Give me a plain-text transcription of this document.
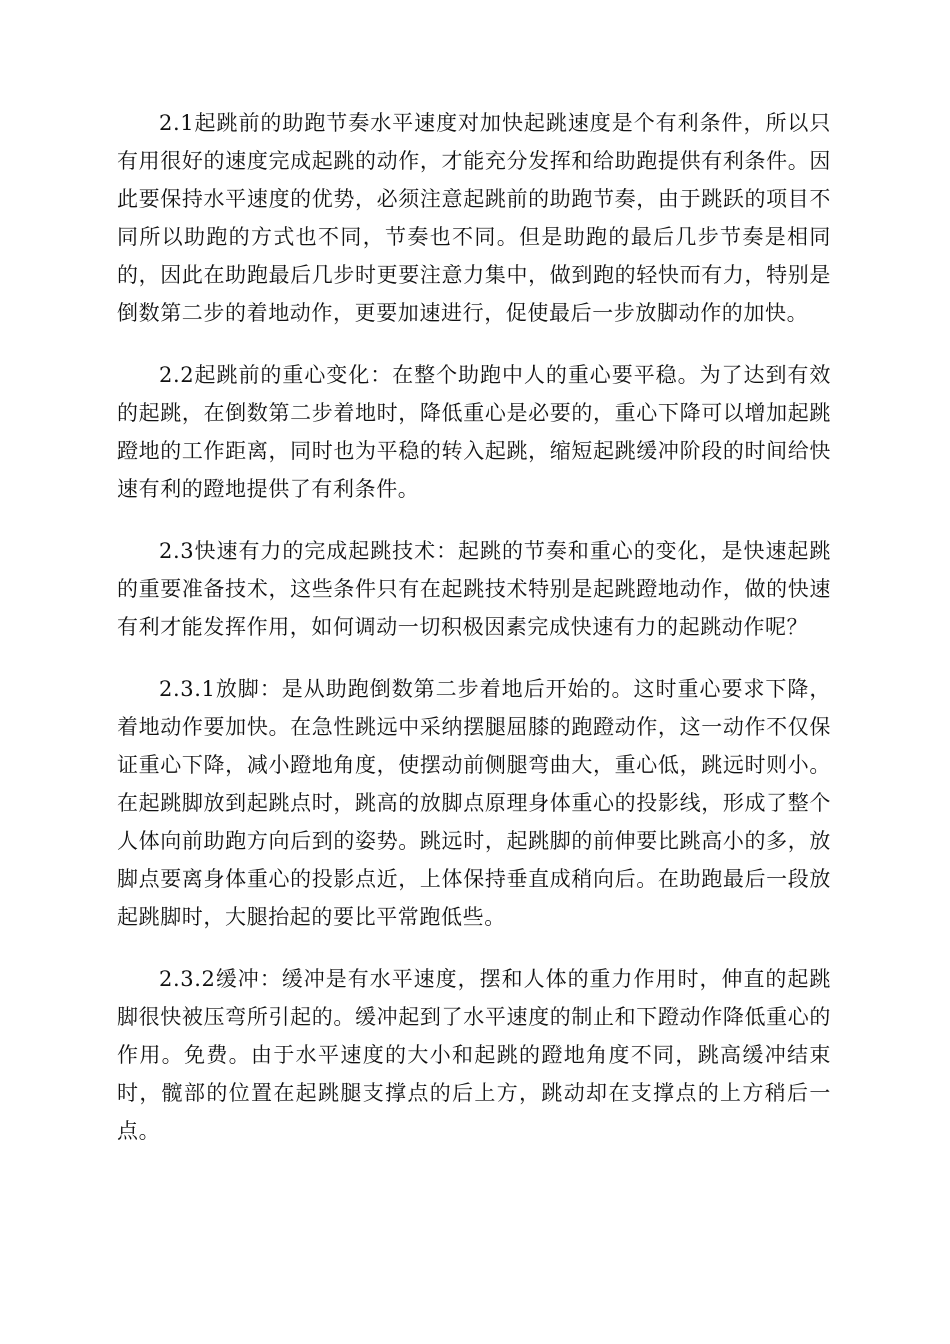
2.1起跳前的助跑节奏水平速度对加快起跳速度是个有利条件，所以只有用很好的速度完成起跳的动作，才能充分发挥和给助跑提供有利条件。因此要保持水平速度的优势，必须注意起跳前的助跑节奏，由于跳跃的项目不同所以助跑的方式也不同，节奏也不同。但是助跑的最后几步节奏是相同的，因此在助跑最后几步时更要注意力集中，做到跑的轻快而有力，特别是倒数第二步的着地动作，更要加速进行，促使最后一步放脚动作的加快。

2.2起跳前的重心变化：在整个助跑中人的重心要平稳。为了达到有效的起跳，在倒数第二步着地时，降低重心是必要的，重心下降可以增加起跳蹬地的工作距离，同时也为平稳的转入起跳，缩短起跳缓冲阶段的时间给快速有利的蹬地提供了有利条件。

2.3快速有力的完成起跳技术：起跳的节奏和重心的变化，是快速起跳的重要准备技术，这些条件只有在起跳技术特别是起跳蹬地动作，做的快速有利才能发挥作用，如何调动一切积极因素完成快速有力的起跳动作呢？

2.3.1放脚：是从助跑倒数第二步着地后开始的。这时重心要求下降，着地动作要加快。在急性跳远中采纳摆腿屈膝的跑蹬动作，这一动作不仅保证重心下降，减小蹬地角度，使摆动前侧腿弯曲大，重心低，跳远时则小。在起跳脚放到起跳点时，跳高的放脚点原理身体重心的投影线，形成了整个人体向前助跑方向后到的姿势。跳远时，起跳脚的前伸要比跳高小的多，放脚点要离身体重心的投影点近，上体保持垂直成稍向后。在助跑最后一段放起跳脚时，大腿抬起的要比平常跑低些。

2.3.2缓冲：缓冲是有水平速度，摆和人体的重力作用时，伸直的起跳脚很快被压弯所引起的。缓冲起到了水平速度的制止和下蹬动作降低重心的作用。免费。由于水平速度的大小和起跳的蹬地角度不同，跳高缓冲结束时，髋部的位置在起跳腿支撑点的后上方，跳动却在支撑点的上方稍后一点。
